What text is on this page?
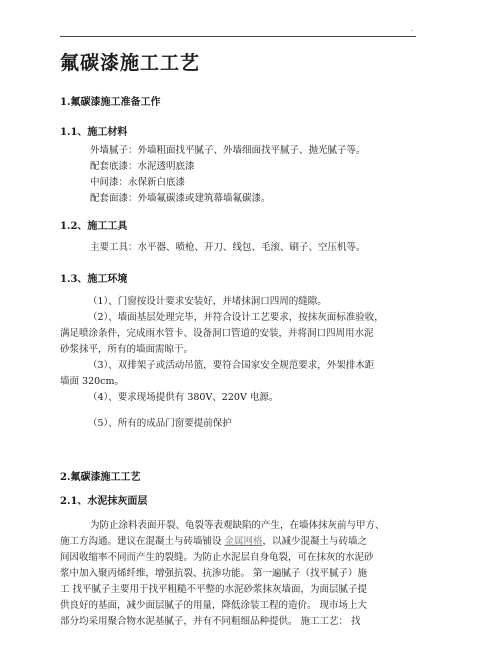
·
氟碳漆施工工艺
1.氟碳漆施工准备工作
1.1、施工材料
外墙腻子：外墙粗面找平腻子、外墙细面找平腻子、抛光腻子等。
配套底漆：水泥透明底漆
中间漆：永保新白底漆
配套面漆：外墙氟碳漆或建筑幕墙氟碳漆。
1.2、施工工具
主要工具：水平器、喷枪、开刀、线包、毛滚、刷子、空压机等。
1.3、施工环境
（1）、门窗按设计要求安装好，并堵抹洞口四周的缝隙。
（2）、墙面基层处理完毕，并符合设计工艺要求，按抹灰面标准验收，
满足喷涂条件，完成雨水管卡、设备洞口管道的安装，并将洞口四周用水泥
砂浆抹平，所有的墙面需晾干。
（3）、双排架子或活动吊篮，要符合国家安全规范要求，外架排木距
墙面 320cm。
（4）、要求现场提供有 380V、220V 电源。
（5）、所有的成品门窗要提前保护
2.氟碳漆施工工艺
2.1、水泥抹灰面层
为防止涂料表面开裂、龟裂等表观缺陷的产生，在墙体抹灰前与甲方、
施工方沟通。建议在混凝土与砖墙铺设 金属网格，以减少混凝土与砖墙之
间因收缩率不同而产生的裂缝。为防止水泥层自身龟裂，可在抹灰的水泥砂
浆中加入聚丙烯纤维，增强抗裂、抗渗功能。 第一遍腻子（找平腻子）施
工 找平腻子主要用于找平粗糙不平整的水泥砂浆抹灰墙面，为面层腻子提
供良好的基面，减少面层腻子的用量，降低涂装工程的造价。 现市场上大
部分均采用聚合物水泥基腻子，并有不同粗细品种提供。 施工工艺： 找
